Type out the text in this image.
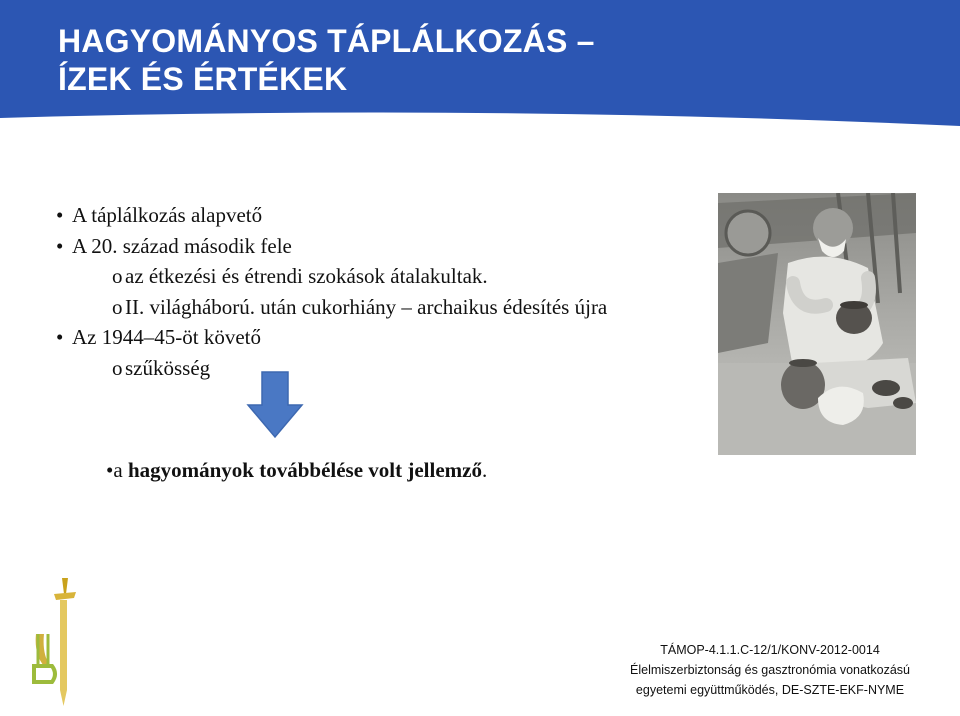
HAGYOMÁNYOS TÁPLÁLKOZÁS –
ÍZEK ÉS ÉRTÉKEK
• A táplálkozás alapvető
• A 20. század második fele
o az étkezési és étrendi szokások átalakultak.
o II. világháború. után cukorhiány – archaikus édesítés újra
• Az 1944–45-öt követő
o szűkösség
•a hagyományok továbbélése volt jellemző.
TÁMOP-4.1.1.C-12/1/KONV-2012-0014
Élelmiszerbiztonság és gasztronómia vonatkozású
egyetemi együttműködés, DE-SZTE-EKF-NYME
